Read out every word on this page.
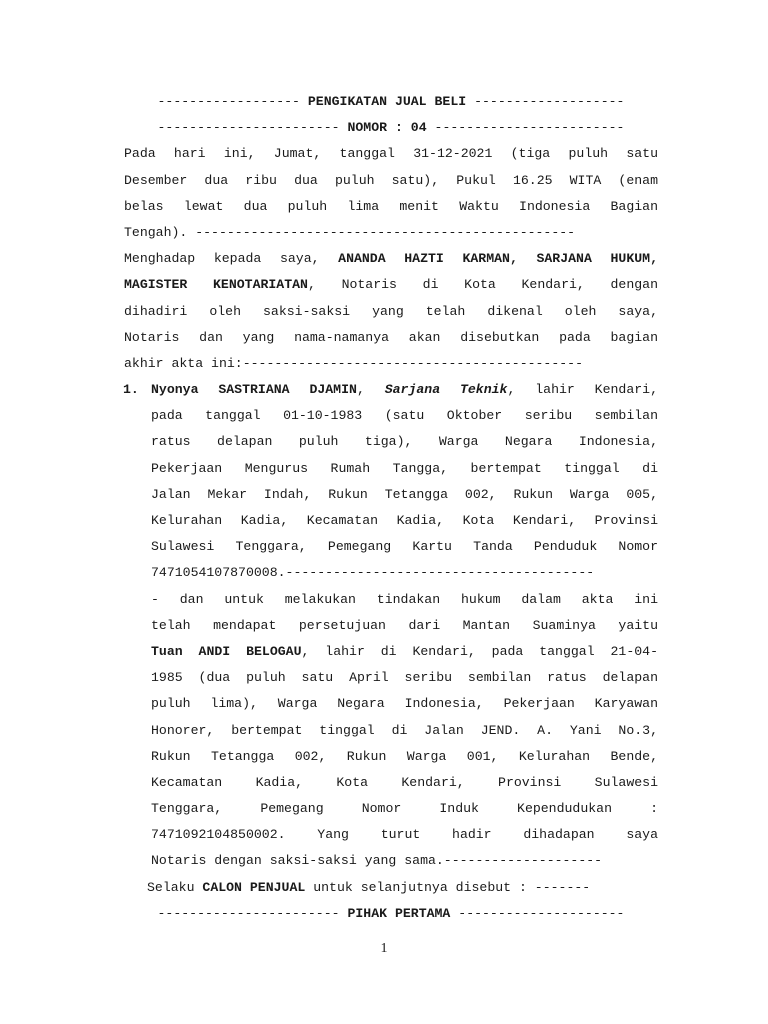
------------------ PENGIKATAN JUAL BELI -------------------
----------------------- NOMOR : 04 ------------------------
Pada hari ini, Jumat, tanggal 31-12-2021 (tiga puluh satu
Desember dua ribu dua puluh satu), Pukul 16.25 WITA (enam
belas lewat dua puluh lima menit Waktu Indonesia Bagian
Tengah). ------------------------------------------------
Menghadap kepada saya, ANANDA HAZTI KARMAN, SARJANA HUKUM,
MAGISTER KENOTARIATAN, Notaris di Kota Kendari, dengan
dihadiri oleh saksi-saksi yang telah dikenal oleh saya,
Notaris dan yang nama-namanya akan disebutkan pada bagian
akhir akta ini:-------------------------------------------
1. Nyonya SASTRIANA DJAMIN, Sarjana Teknik, lahir Kendari,
pada tanggal 01-10-1983 (satu Oktober seribu sembilan
ratus delapan puluh tiga), Warga Negara Indonesia,
Pekerjaan Mengurus Rumah Tangga, bertempat tinggal di
Jalan Mekar Indah, Rukun Tetangga 002, Rukun Warga 005,
Kelurahan Kadia, Kecamatan Kadia, Kota Kendari, Provinsi
Sulawesi Tenggara, Pemegang Kartu Tanda Penduduk Nomor
7471054107870008.---------------------------------------
- dan untuk melakukan tindakan hukum dalam akta ini
telah mendapat persetujuan dari Mantan Suaminya yaitu
Tuan ANDI BELOGAU, lahir di Kendari, pada tanggal 21-04-
1985 (dua puluh satu April seribu sembilan ratus delapan
puluh lima), Warga Negara Indonesia, Pekerjaan Karyawan
Honorer, bertempat tinggal di Jalan JEND. A. Yani No.3,
Rukun Tetangga 002, Rukun Warga 001, Kelurahan Bende,
Kecamatan Kadia, Kota Kendari, Provinsi Sulawesi
Tenggara, Pemegang Nomor Induk Kependudukan :
7471092104850002. Yang turut hadir dihadapan saya
Notaris dengan saksi-saksi yang sama.--------------------
Selaku CALON PENJUAL untuk selanjutnya disebut : -------
----------------------- PIHAK PERTAMA ---------------------
1
